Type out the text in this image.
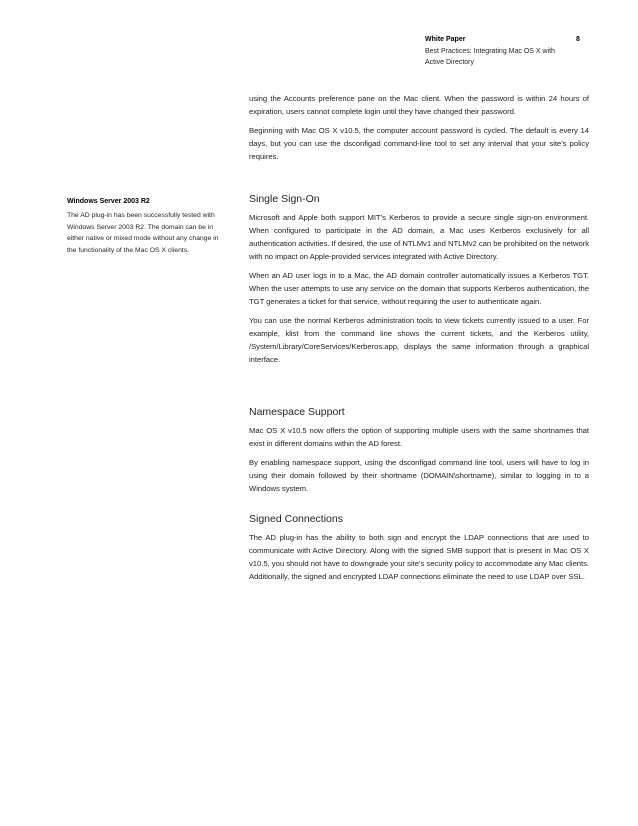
White Paper	8
Best Practices: Integrating Mac OS X with Active Directory

using the Accounts preference pane on the Mac client. When the password is within 24 hours of expiration, users cannot complete login until they have changed their password.

Beginning with Mac OS X v10.5, the computer account password is cycled. The default is every 14 days, but you can use the dsconfigad command-line tool to set any interval that your site’s policy requires.

Windows Server 2003 R2

The AD plug-in has been successfully tested with Windows Server 2003 R2. The domain can be in either native or mixed mode without any change in the functionality of the Mac OS X clients.

Single Sign-On

Microsoft and Apple both support MIT’s Kerberos to provide a secure single sign-on environment. When configured to participate in the AD domain, a Mac uses Kerberos exclusively for all authentication activities. If desired, the use of NTLMv1 and NTLMv2 can be prohibited on the network with no impact on Apple-provided services integrated with Active Directory.

When an AD user logs in to a Mac, the AD domain controller automatically issues a Kerberos TGT. When the user attempts to use any service on the domain that supports Kerberos authentication, the TGT generates a ticket for that service, without requiring the user to authenticate again.

You can use the normal Kerberos administration tools to view tickets currently issued to a user. For example, klist from the command line shows the current tickets, and the Kerberos utility, /System/Library/CoreServices/Kerberos.app, displays the same information through a graphical interface.

Namespace Support

Mac OS X v10.5 now offers the option of supporting multiple users with the same shortnames that exist in different domains within the AD forest.

By enabling namespace support, using the dsconfigad command line tool, users will have to log in using their domain followed by their shortname (DOMAIN\shortname), similar to logging in to a Windows system.

Signed Connections

The AD plug-in has the ability to both sign and encrypt the LDAP connections that are used to communicate with Active Directory. Along with the signed SMB support that is present in Mac OS X v10.5, you should not have to downgrade your site’s security policy to accommodate any Mac clients. Additionally, the signed and encrypted LDAP connections eliminate the need to use LDAP over SSL.
